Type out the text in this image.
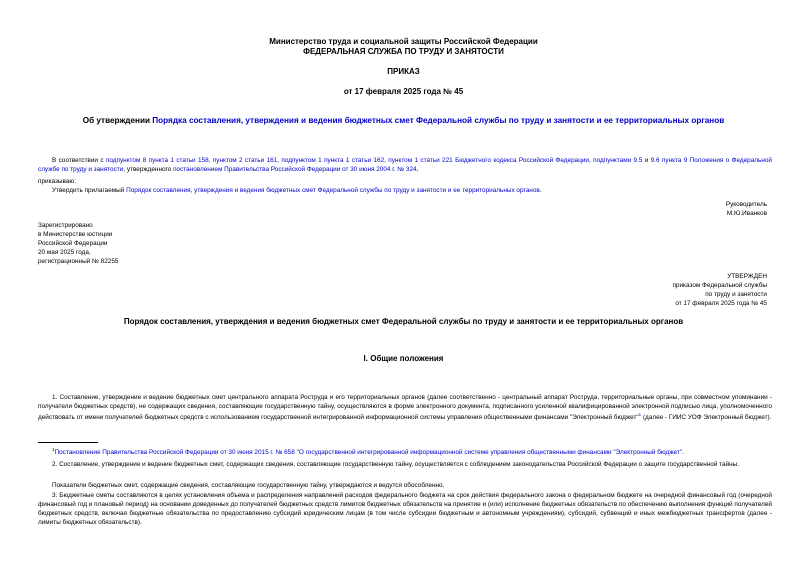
Министерство труда и социальной защиты Российской Федерации
ФЕДЕРАЛЬНАЯ СЛУЖБА ПО ТРУДУ И ЗАНЯТОСТИ
ПРИКАЗ
от 17 февраля 2025 года № 45
Об утверждении Порядка составления, утверждения и ведения бюджетных смет Федеральной службы по труду и занятости и ее территориальных органов

В соответствии с подпунктом 8 пункта 1 статьи 158, пунктом 2 статьи 161, подпунктом 1 пункта 1 статьи 162, пунктом 1 статьи 221 Бюджетного кодекса Российской Федерации, подпунктами 9.5 и 9.6 пункта 9 Положения о Федеральной службе по труду и занятости, утвержденного постановлением Правительства Российской Федерации от 30 июня 2004 г. № 324,

приказываю:

Утвердить прилагаемый Порядок составления, утверждения и ведения бюджетных смет Федеральной службы по труду и занятости и ее территориальных органов.

Руководитель
М.Ю.Иванков
Зарегистрировано
в Министерстве юстиции
Российской Федерации
20 мая 2025 года,
регистрационный № 82255
УТВЕРЖДЕН
приказом Федеральной службы
по труду и занятости
от 17 февраля 2025 года № 45
Порядок составления, утверждения и ведения бюджетных смет Федеральной службы по труду и занятости и ее территориальных органов
I. Общие положения

1. Составление, утверждение и ведение бюджетных смет центрального аппарата Роструда и его территориальных органов (далее соответственно - центральный аппарат Роструда, территориальные органы, при совместном упоминании - получатели бюджетных средств), не содержащих сведения, составляющие государственную тайну, осуществляются в форме электронного документа, подписанного усиленной квалифицированной электронной подписью лица, уполномоченного действовать от имени получателей бюджетных средств с использованием государственной интегрированной информационной системы управления общественными финансами "Электронный бюджет"$^1$ (далее - ГИИС УОФ Электронный бюджет).

$^1$Постановление Правительства Российской Федерации от 30 июня 2015 г. № 658 "О государственной интегрированной информационной системе управления общественными финансами "Электронный бюджет".

2. Составление, утверждение и ведение бюджетных смет, содержащих сведения, составляющие государственную тайну, осуществляется с соблюдением законодательства Российской Федерации о защите государственной тайны.

Показатели бюджетных смет, содержащие сведения, составляющие государственную тайну, утверждаются и ведутся обособленно.

3. Бюджетные сметы составляются в целях установления объема и распределения направлений расходов федерального бюджета на срок действия федерального закона о федеральном бюджете на очередной финансовый год (очередной финансовый год и плановый период) на основании доведенных до получателей бюджетных средств лимитов бюджетных обязательств на принятие и (или) исполнение бюджетных обязательств по обеспечению выполнения функций получателей бюджетных средств, включая бюджетные обязательства по предоставлению субсидий юридическим лицам (в том числе субсидии бюджетным и автономным учреждениям), субсидий, субвенций и иных межбюджетных трансфертов (далее - лимиты бюджетных обязательств).
